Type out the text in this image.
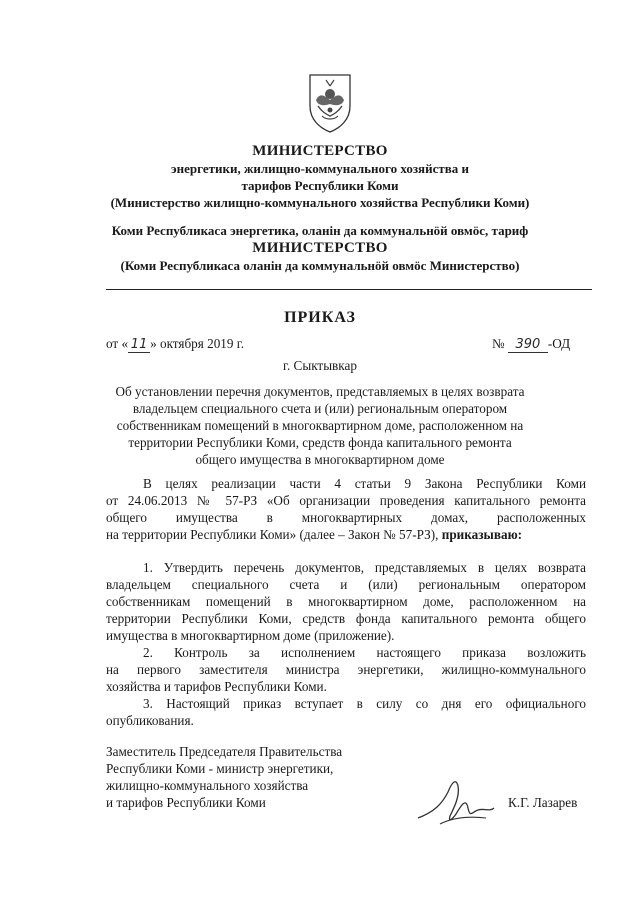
МИНИСТЕРСТВО
энергетики, жилищно-коммунального хозяйства и
тарифов Республики Коми
(Министерство жилищно-коммунального хозяйства Республики Коми)
Коми Республикаса энергетика, оланін да коммунальнӧй овмӧс, тариф
МИНИСТЕРСТВО
(Коми Республикаса оланін да коммунальнӧй овмӧс Министерство)
ПРИКАЗ
от « 11 » октября 2019 г.	№ 390 -ОД
г. Сыктывкар
Об установлении перечня документов, представляемых в целях возврата
владельцем специального счета и (или) региональным оператором
собственникам помещений в многоквартирном доме, расположенном на
территории Республики Коми, средств фонда капитального ремонта
общего имущества в многоквартирном доме
В целях реализации части 4 статьи 9 Закона Республики Коми
от 24.06.2013 № 57-РЗ «Об организации проведения капитального ремонта
общего имущества в многоквартирных домах, расположенных
на территории Республики Коми» (далее – Закон № 57-РЗ), приказываю:
1. Утвердить перечень документов, представляемых в целях возврата
владельцем специального счета и (или) региональным оператором
собственникам помещений в многоквартирном доме, расположенном на
территории Республики Коми, средств фонда капитального ремонта общего
имущества в многоквартирном доме (приложение).
2. Контроль за исполнением настоящего приказа возложить
на первого заместителя министра энергетики, жилищно-коммунального
хозяйства и тарифов Республики Коми.
3. Настоящий приказ вступает в силу со дня его официального
опубликования.
Заместитель Председателя Правительства
Республики Коми - министр энергетики,
жилищно-коммунального хозяйства
и тарифов Республики Коми	К.Г. Лазарев
